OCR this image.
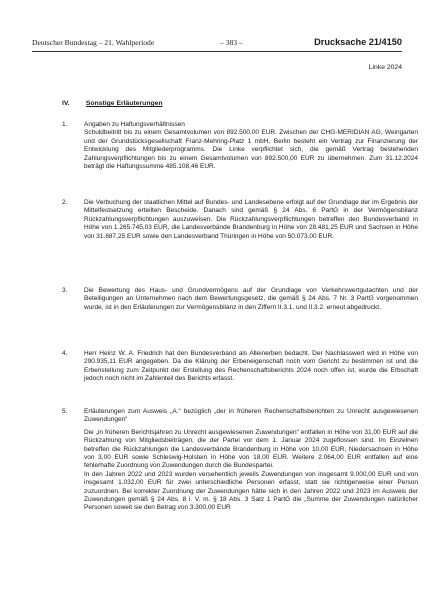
Deutscher Bundestag – 21. Wahlperiode	– 383 –	Drucksache 21/4150
Linke 2024
IV. Sonstige Erläuterungen
1.	Angaben zu Haftungsverhältnissen
Schuldbeitritt bis zu einem Gesamtvolumen von 892.500,00 EUR. Zwischen der CHG-MERIDIAN AG, Weingarten und der Grundstücksgesellschaft Franz-Mehring-Platz 1 mbH, Berlin besteht ein Vertrag zur Finanzierung der Entwicklung des Mitgliederprogramms. Die Linke verpflichtet sich, die gemäß Vertrag bestehenden Zahlungsverpflichtungen bis zu einem Gesamtvolumen von 892.500,00 EUR zu übernehmen. Zum 31.12.2024 beträgt die Haftungssumme 485.108,46 EUR.

2.	Die Verbuchung der staatlichen Mittel auf Bundes- und Landesebene erfolgt auf der Grundlage der im Ergebnis der Mittelfestsetzung erteilten Bescheide. Danach sind gemäß § 24 Abs. 6 PartG in der Vermögensbilanz Rückzahlungsverpflichtungen auszuweisen. Die Rückzahlungsverpflichtungen betreffen den Bundesverband in Höhe von 1.265.745,03 EUR, die Landesverbände Brandenburg in Höhe von 28.481,25 EUR und Sachsen in Höhe von 31.687,25 EUR sowie den Landesverband Thüringen in Höhe von 50.073,00 EUR.

3.	Die Bewertung des Haus- und Grundvermögens auf der Grundlage von Verkehrswertgutachten und der Beteiligungen an Unternehmen nach dem Bewertungsgesetz, die gemäß § 24 Abs. 7 Nr. 3 PartG vorgenommen wurde, ist in den Erläuterungen zur Vermögensbilanz in den Ziffern II.3.1. und II.3.2. erneut abgedruckt.

4.	Herr Heinz W. A. Friedrich hat den Bundesverband als Alleinerben bedacht. Der Nachlasswert wird in Höhe von 290.935,11 EUR angegeben. Da die Klärung der Erbeneigenschaft noch vom Gericht zu bestimmen ist und die Erbenstellung zum Zeitpunkt der Erstellung des Rechenschaftsberichts 2024 noch offen ist, wurde die Erbschaft jedoch noch nicht im Zahlenteil des Berichts erfasst.

5.	Erläuterungen zum Ausweis „A.“ bezüglich „der in früheren Rechenschaftsberichten zu Unrecht ausgewiesenen Zuwendungen“

Die „in früheren Berichtsjahren zu Unrecht ausgewiesenen Zuwendungen“ entfallen in Höhe von 31,00 EUR auf die Rückzahlung von Mitgliedsbeiträgen, die der Partei vor dem 1. Januar 2024 zugeflossen sind. Im Einzelnen betreffen die Rückzahlungen die Landesverbände Brandenburg in Höhe von 10,00 EUR, Niedersachsen in Höhe von 3,00 EUR sowie Schleswig-Holstein in Höhe von 18,00 EUR. Weitere 2.064,00 EUR entfallen auf eine fehlerhafte Zuordnung von Zuwendungen durch die Bundespartei.
In den Jahren 2022 und 2023 wurden versehentlich jeweils Zuwendungen von insgesamt 9.000,00 EUR und von insgesamt 1.032,00 EUR für zwei unterschiedliche Personen erfasst, statt sie richtigerweise einer Person zuzuordnen. Bei korrekter Zuordnung der Zuwendungen hätte sich in den Jahren 2022 und 2023 im Ausweis der Zuwendungen gemäß § 24 Abs. 8 i. V. m. § 18 Abs. 3 Satz 1 PartG die „Summe der Zuwendungen natürlicher Personen soweit sie den Betrag von 3.300,00 EUR
